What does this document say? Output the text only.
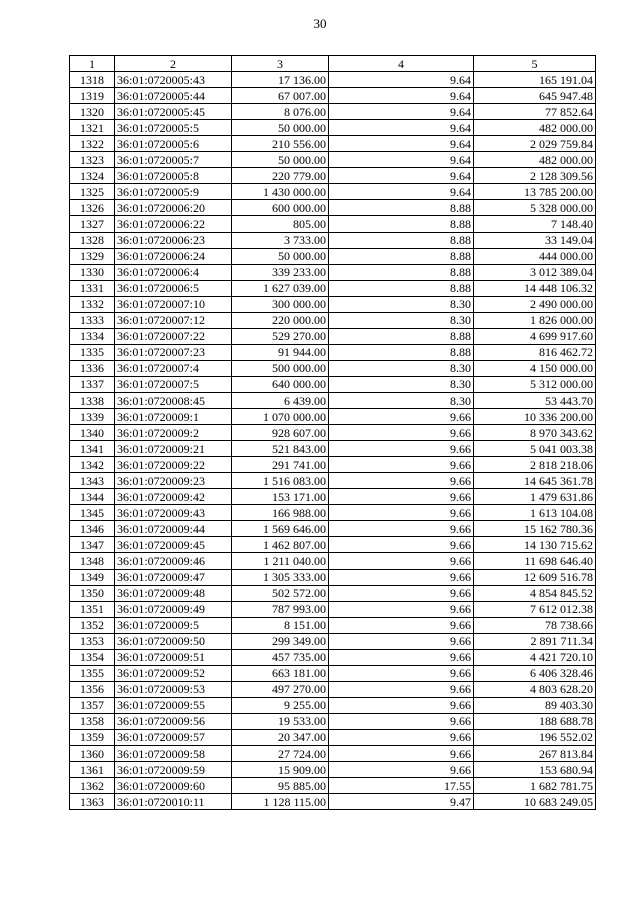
30
1	2	3	4	5
1318	36:01:0720005:43	17 136.00	9.64	165 191.04
1319	36:01:0720005:44	67 007.00	9.64	645 947.48
1320	36:01:0720005:45	8 076.00	9.64	77 852.64
1321	36:01:0720005:5	50 000.00	9.64	482 000.00
1322	36:01:0720005:6	210 556.00	9.64	2 029 759.84
1323	36:01:0720005:7	50 000.00	9.64	482 000.00
1324	36:01:0720005:8	220 779.00	9.64	2 128 309.56
1325	36:01:0720005:9	1 430 000.00	9.64	13 785 200.00
1326	36:01:0720006:20	600 000.00	8.88	5 328 000.00
1327	36:01:0720006:22	805.00	8.88	7 148.40
1328	36:01:0720006:23	3 733.00	8.88	33 149.04
1329	36:01:0720006:24	50 000.00	8.88	444 000.00
1330	36:01:0720006:4	339 233.00	8.88	3 012 389.04
1331	36:01:0720006:5	1 627 039.00	8.88	14 448 106.32
1332	36:01:0720007:10	300 000.00	8.30	2 490 000.00
1333	36:01:0720007:12	220 000.00	8.30	1 826 000.00
1334	36:01:0720007:22	529 270.00	8.88	4 699 917.60
1335	36:01:0720007:23	91 944.00	8.88	816 462.72
1336	36:01:0720007:4	500 000.00	8.30	4 150 000.00
1337	36:01:0720007:5	640 000.00	8.30	5 312 000.00
1338	36:01:0720008:45	6 439.00	8.30	53 443.70
1339	36:01:0720009:1	1 070 000.00	9.66	10 336 200.00
1340	36:01:0720009:2	928 607.00	9.66	8 970 343.62
1341	36:01:0720009:21	521 843.00	9.66	5 041 003.38
1342	36:01:0720009:22	291 741.00	9.66	2 818 218.06
1343	36:01:0720009:23	1 516 083.00	9.66	14 645 361.78
1344	36:01:0720009:42	153 171.00	9.66	1 479 631.86
1345	36:01:0720009:43	166 988.00	9.66	1 613 104.08
1346	36:01:0720009:44	1 569 646.00	9.66	15 162 780.36
1347	36:01:0720009:45	1 462 807.00	9.66	14 130 715.62
1348	36:01:0720009:46	1 211 040.00	9.66	11 698 646.40
1349	36:01:0720009:47	1 305 333.00	9.66	12 609 516.78
1350	36:01:0720009:48	502 572.00	9.66	4 854 845.52
1351	36:01:0720009:49	787 993.00	9.66	7 612 012.38
1352	36:01:0720009:5	8 151.00	9.66	78 738.66
1353	36:01:0720009:50	299 349.00	9.66	2 891 711.34
1354	36:01:0720009:51	457 735.00	9.66	4 421 720.10
1355	36:01:0720009:52	663 181.00	9.66	6 406 328.46
1356	36:01:0720009:53	497 270.00	9.66	4 803 628.20
1357	36:01:0720009:55	9 255.00	9.66	89 403.30
1358	36:01:0720009:56	19 533.00	9.66	188 688.78
1359	36:01:0720009:57	20 347.00	9.66	196 552.02
1360	36:01:0720009:58	27 724.00	9.66	267 813.84
1361	36:01:0720009:59	15 909.00	9.66	153 680.94
1362	36:01:0720009:60	95 885.00	17.55	1 682 781.75
1363	36:01:0720010:11	1 128 115.00	9.47	10 683 249.05
